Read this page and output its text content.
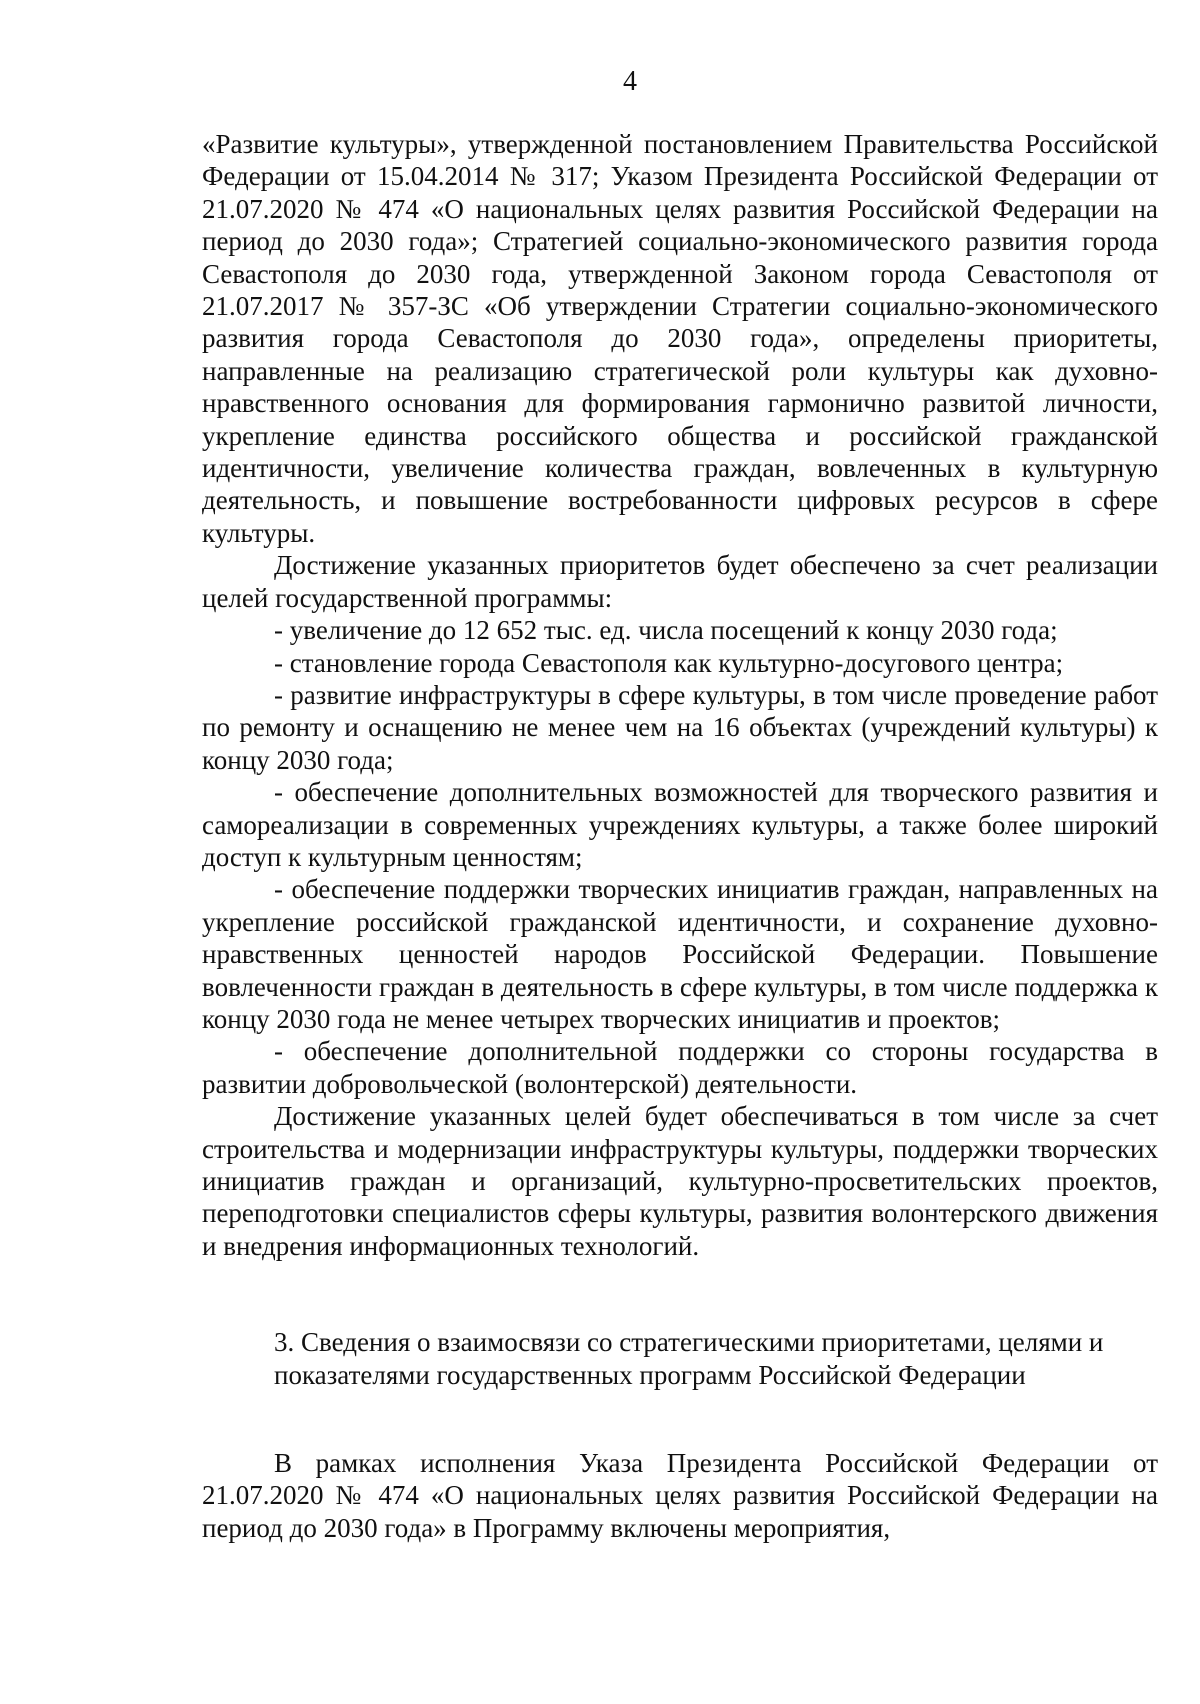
4

«Развитие культуры», утвержденной постановлением Правительства Российской Федерации от 15.04.2014 № 317; Указом Президента Российской Федерации от 21.07.2020 № 474 «О национальных целях развития Российской Федерации на период до 2030 года»; Стратегией социально-экономического развития города Севастополя до 2030 года, утвержденной Законом города Севастополя от 21.07.2017 № 357-ЗС «Об утверждении Стратегии социально-экономического развития города Севастополя до 2030 года», определены приоритеты, направленные на реализацию стратегической роли культуры как духовно-нравственного основания для формирования гармонично развитой личности, укрепление единства российского общества и российской гражданской идентичности, увеличение количества граждан, вовлеченных в культурную деятельность, и повышение востребованности цифровых ресурсов в сфере культуры.

Достижение указанных приоритетов будет обеспечено за счет реализации целей государственной программы:

- увеличение до 12 652 тыс. ед. числа посещений к концу 2030 года;

- становление города Севастополя как культурно-досугового центра;

- развитие инфраструктуры в сфере культуры, в том числе проведение работ по ремонту и оснащению не менее чем на 16 объектах (учреждений культуры) к концу 2030 года;

- обеспечение дополнительных возможностей для творческого развития и самореализации в современных учреждениях культуры, а также более широкий доступ к культурным ценностям;

- обеспечение поддержки творческих инициатив граждан, направленных на укрепление российской гражданской идентичности, и сохранение духовно-нравственных ценностей народов Российской Федерации. Повышение вовлеченности граждан в деятельность в сфере культуры, в том числе поддержка к концу 2030 года не менее четырех творческих инициатив и проектов;

- обеспечение дополнительной поддержки со стороны государства в развитии добровольческой (волонтерской) деятельности.

Достижение указанных целей будет обеспечиваться в том числе за счет строительства и модернизации инфраструктуры культуры, поддержки творческих инициатив граждан и организаций, культурно-просветительских проектов, переподготовки специалистов сферы культуры, развития волонтерского движения и внедрения информационных технологий.

3. Сведения о взаимосвязи со стратегическими приоритетами, целями и
показателями государственных программ Российской Федерации

В рамках исполнения Указа Президента Российской Федерации от 21.07.2020 № 474 «О национальных целях развития Российской Федерации на период до 2030 года» в Программу включены мероприятия,
